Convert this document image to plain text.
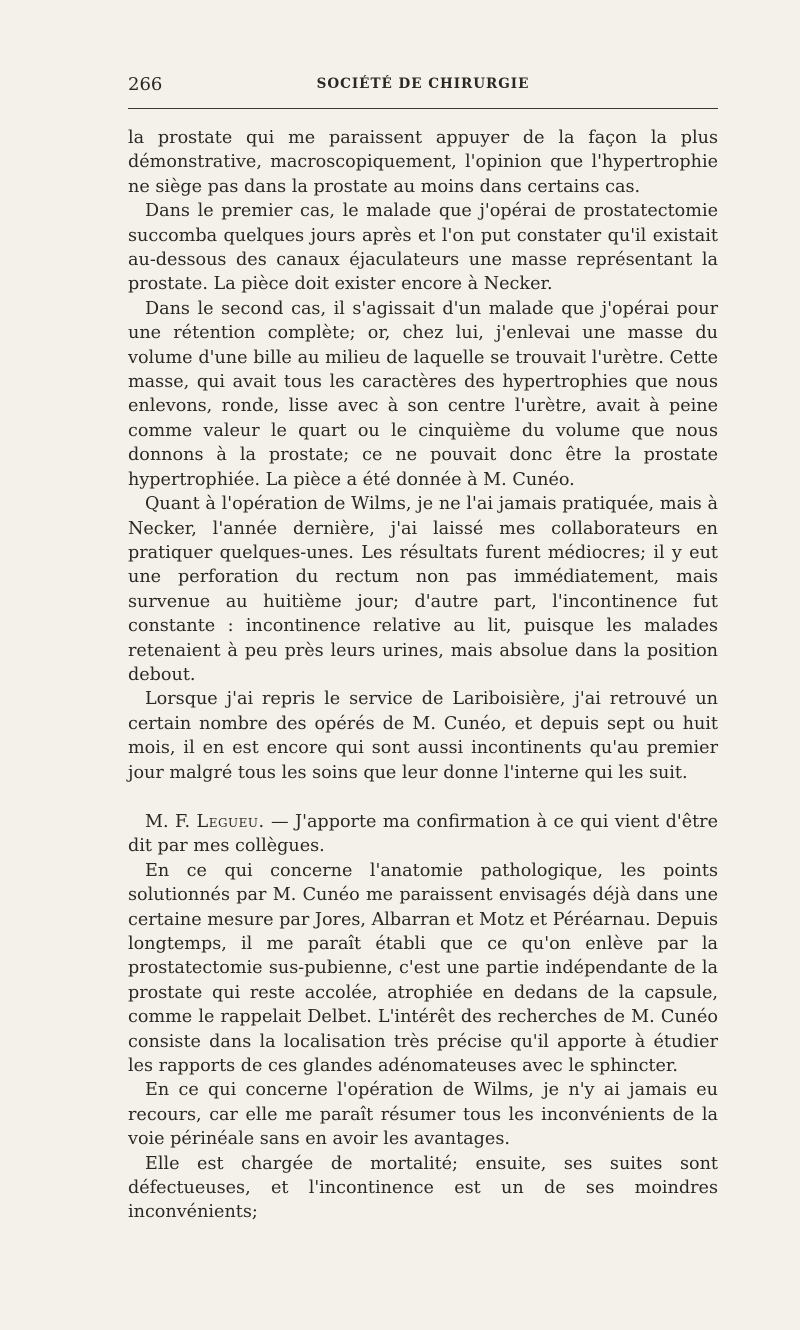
266	SOCIÉTÉ DE CHIRURGIE

la prostate qui me paraissent appuyer de la façon la plus démonstrative, macroscopiquement, l'opinion que l'hypertrophie ne siège pas dans la prostate au moins dans certains cas.

Dans le premier cas, le malade que j'opérai de prostatectomie succomba quelques jours après et l'on put constater qu'il existait au-dessous des canaux éjaculateurs une masse représentant la prostate. La pièce doit exister encore à Necker.

Dans le second cas, il s'agissait d'un malade que j'opérai pour une rétention complète; or, chez lui, j'enlevai une masse du volume d'une bille au milieu de laquelle se trouvait l'urètre. Cette masse, qui avait tous les caractères des hypertrophies que nous enlevons, ronde, lisse avec à son centre l'urètre, avait à peine comme valeur le quart ou le cinquième du volume que nous donnons à la prostate; ce ne pouvait donc être la prostate hypertrophiée. La pièce a été donnée à M. Cunéo.

Quant à l'opération de Wilms, je ne l'ai jamais pratiquée, mais à Necker, l'année dernière, j'ai laissé mes collaborateurs en pratiquer quelques-unes. Les résultats furent médiocres; il y eut une perforation du rectum non pas immédiatement, mais survenue au huitième jour; d'autre part, l'incontinence fut constante : incontinence relative au lit, puisque les malades retenaient à peu près leurs urines, mais absolue dans la position debout.

Lorsque j'ai repris le service de Lariboisière, j'ai retrouvé un certain nombre des opérés de M. Cunéo, et depuis sept ou huit mois, il en est encore qui sont aussi incontinents qu'au premier jour malgré tous les soins que leur donne l'interne qui les suit.

M. F. Legueu. — J'apporte ma confirmation à ce qui vient d'être dit par mes collègues.

En ce qui concerne l'anatomie pathologique, les points solutionnés par M. Cunéo me paraissent envisagés déjà dans une certaine mesure par Jores, Albarran et Motz et Péréarnau. Depuis longtemps, il me paraît établi que ce qu'on enlève par la prostatectomie sus-pubienne, c'est une partie indépendante de la prostate qui reste accolée, atrophiée en dedans de la capsule, comme le rappelait Delbet. L'intérêt des recherches de M. Cunéo consiste dans la localisation très précise qu'il apporte à étudier les rapports de ces glandes adénomateuses avec le sphincter.

En ce qui concerne l'opération de Wilms, je n'y ai jamais eu recours, car elle me paraît résumer tous les inconvénients de la voie périnéale sans en avoir les avantages.

Elle est chargée de mortalité; ensuite, ses suites sont défectueuses, et l'incontinence est un de ses moindres inconvénients;
